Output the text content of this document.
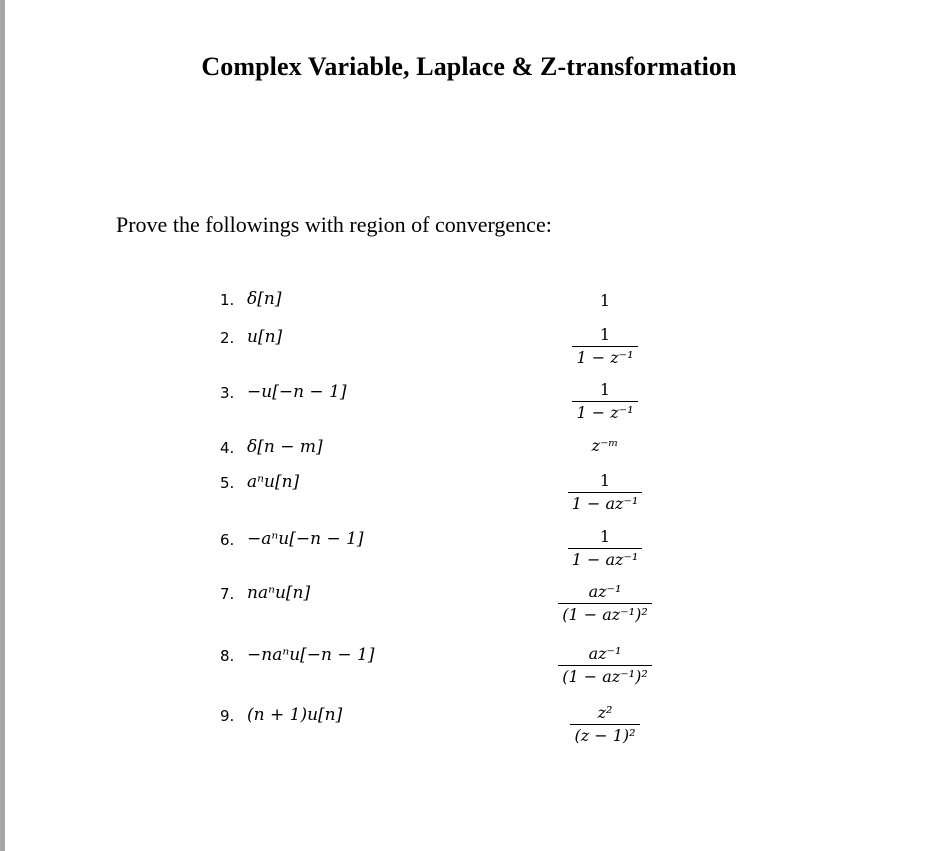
Complex Variable, Laplace & Z-transformation

Prove the followings with region of convergence:

1. δ[n]	1
2. u[n]	$\frac{1}{\text{1 − z⁻¹}}$
3. −u[−n − 1]	$\frac{1}{\text{1 − z⁻¹}}$
4. δ[n − m]	z⁻ᵐ
5. aⁿu[n]	$\frac{1}{\text{1 − az⁻¹}}$
6. −aⁿu[−n − 1]	$\frac{1}{\text{1 − az⁻¹}}$
7. naⁿu[n]	$\frac{\text{az⁻¹}}{\text{(1 − az⁻¹)²}}$
8. −naⁿu[−n − 1]	$\frac{\text{az⁻¹}}{\text{(1 − az⁻¹)²}}$
9. (n + 1)u[n]	$\frac{\text{z²}}{\text{(z − 1)²}}$
